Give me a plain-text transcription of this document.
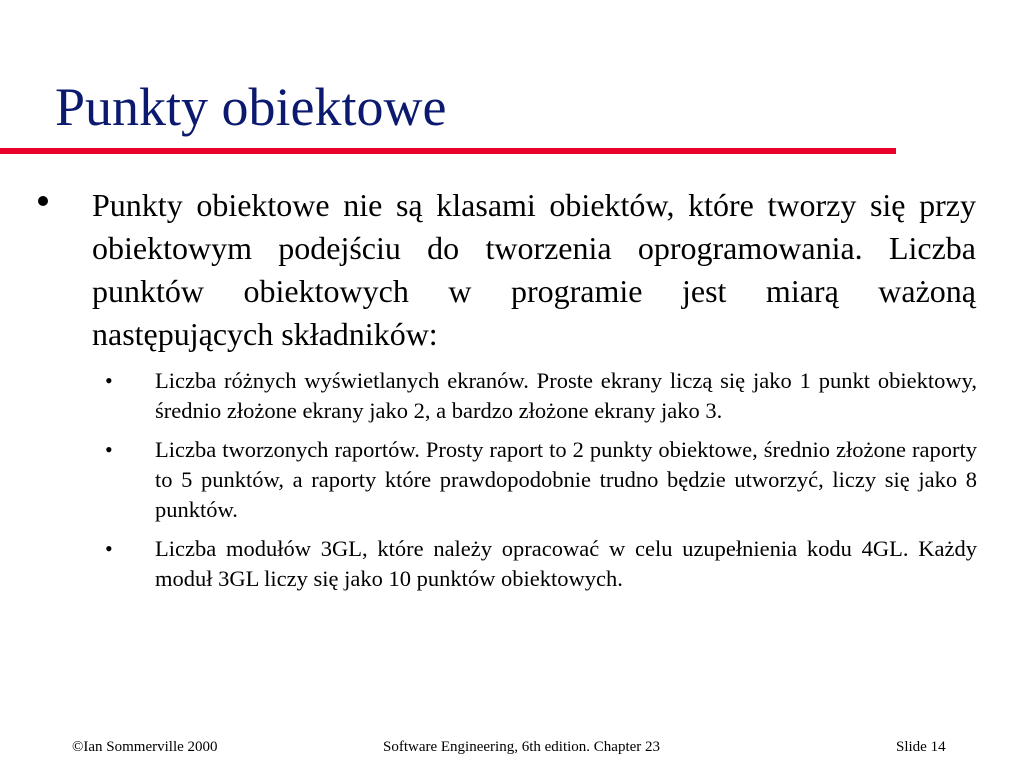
Punkty obiektowe

Punkty obiektowe nie są klasami obiektów, które tworzy się przy obiektowym podejściu do tworzenia oprogramowania. Liczba punktów obiektowych w programie jest miarą ważoną następujących składników:

• Liczba różnych wyświetlanych ekranów. Proste ekrany liczą się jako 1 punkt obiektowy, średnio złożone ekrany jako 2, a bardzo złożone ekrany jako 3.

• Liczba tworzonych raportów. Prosty raport to 2 punkty obiektowe, średnio złożone raporty to 5 punktów, a raporty które prawdopodobnie trudno będzie utworzyć, liczy się jako 8 punktów.

• Liczba modułów 3GL, które należy opracować w celu uzupełnienia kodu 4GL. Każdy moduł 3GL liczy się jako 10 punktów obiektowych.

©Ian Sommerville 2000	Software Engineering, 6th edition. Chapter 23	Slide 14
